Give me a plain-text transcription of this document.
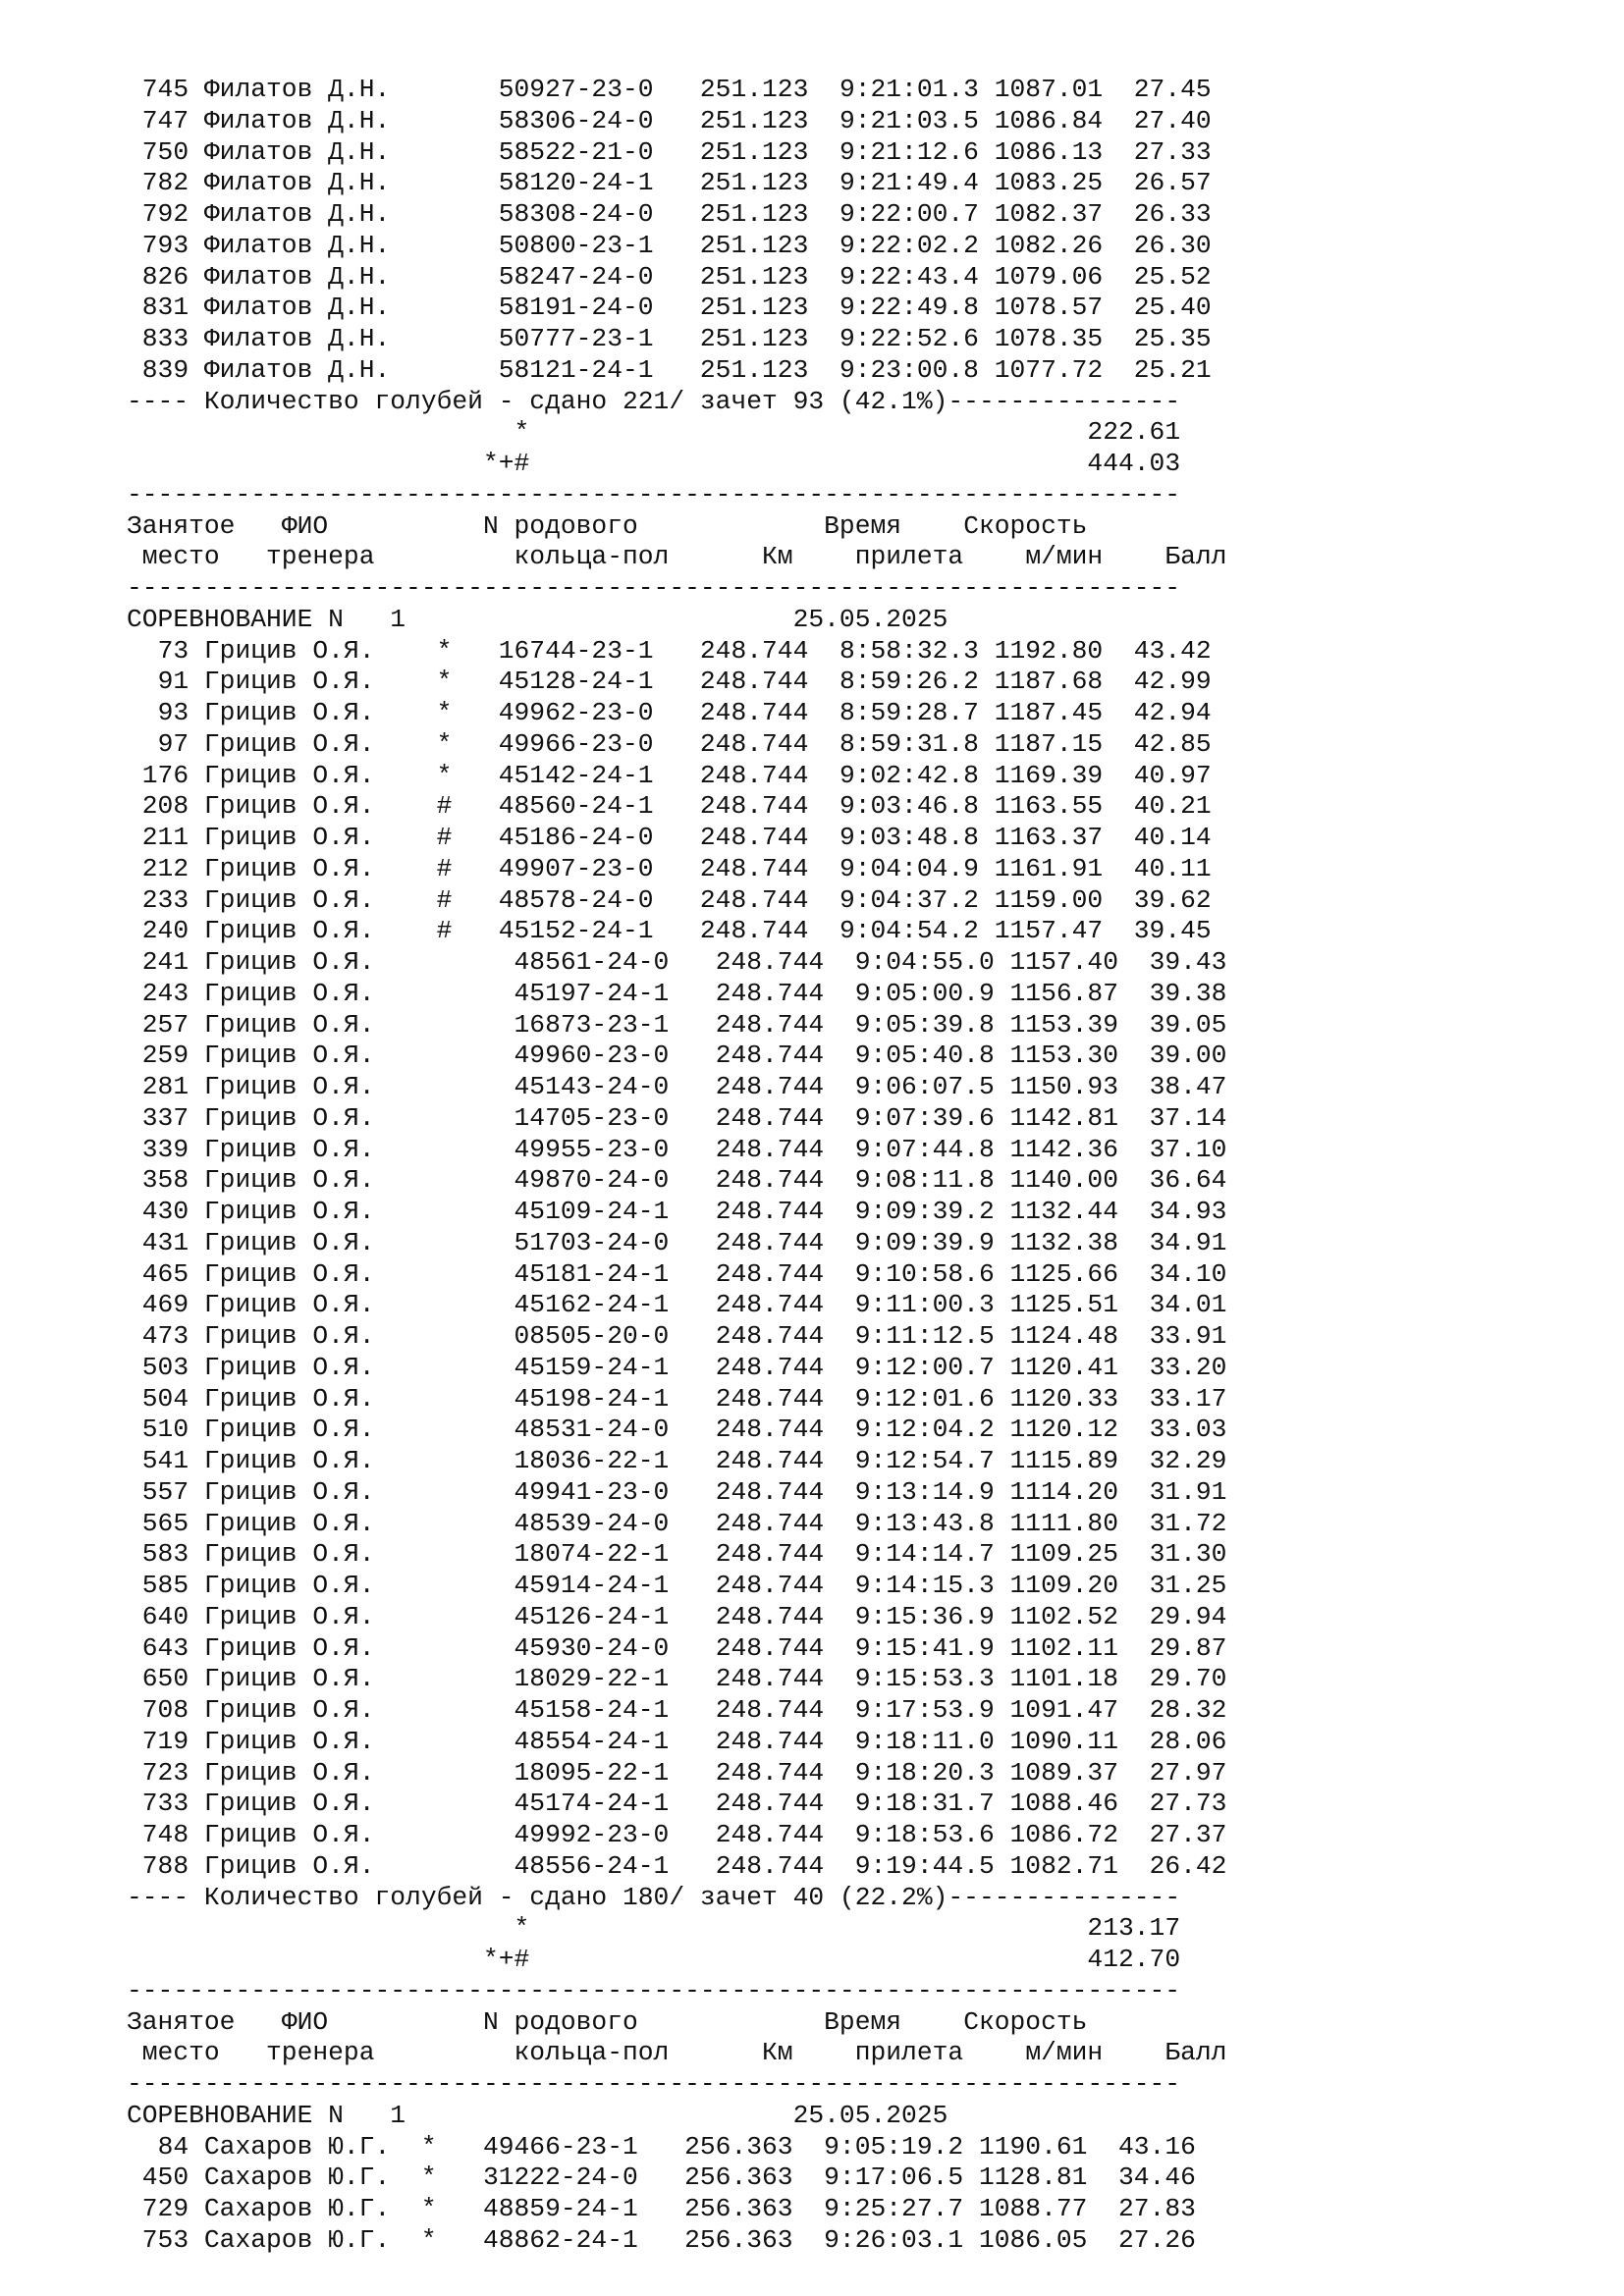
745 Филатов Д.Н.	50927-23-0 251.123 9:21:01.3 1087.01 27.45
747 Филатов Д.Н.	58306-24-0 251.123 9:21:03.5 1086.84 27.40
750 Филатов Д.Н.	58522-21-0 251.123 9:21:12.6 1086.13 27.33
782 Филатов Д.Н.	58120-24-1 251.123 9:21:49.4 1083.25 26.57
792 Филатов Д.Н.	58308-24-0 251.123 9:22:00.7 1082.37 26.33
793 Филатов Д.Н.	50800-23-1 251.123 9:22:02.2 1082.26 26.30
826 Филатов Д.Н.	58247-24-0 251.123 9:22:43.4 1079.06 25.52
831 Филатов Д.Н.	58191-24-0 251.123 9:22:49.8 1078.57 25.40
833 Филатов Д.Н.	50777-23-1 251.123 9:22:52.6 1078.35 25.35
839 Филатов Д.Н.	58121-24-1 251.123 9:23:00.8 1077.72 25.21
---- Количество голубей - сдано 221/ зачет 93 (42.1%)---------------
*	222.61
*+#	444.03
--------------------------------------------------------------------
Занятое ФИО	N родового	Время Скорость
место тренера	кольца-пол	Км прилета м/мин Балл
--------------------------------------------------------------------
СОРЕВНОВАНИЕ N   1	25.05.2025
73 Грицив О.Я.    * 16744-23-1 248.744 8:58:32.3 1192.80 43.42
91 Грицив О.Я.    * 45128-24-1 248.744 8:59:26.2 1187.68 42.99
93 Грицив О.Я.    * 49962-23-0 248.744 8:59:28.7 1187.45 42.94
97 Грицив О.Я.    * 49966-23-0 248.744 8:59:31.8 1187.15 42.85
176 Грицив О.Я.    * 45142-24-1 248.744 9:02:42.8 1169.39 40.97
208 Грицив О.Я.    # 48560-24-1 248.744 9:03:46.8 1163.55 40.21
211 Грицив О.Я.    # 45186-24-0 248.744 9:03:48.8 1163.37 40.14
212 Грицив О.Я.    # 49907-23-0 248.744 9:04:04.9 1161.91 40.11
233 Грицив О.Я.    # 48578-24-0 248.744 9:04:37.2 1159.00 39.62
240 Грицив О.Я.    # 45152-24-1 248.744 9:04:54.2 1157.47 39.45
241 Грицив О.Я.	48561-24-0 248.744 9:04:55.0 1157.40 39.43
243 Грицив О.Я.	45197-24-1 248.744 9:05:00.9 1156.87 39.38
257 Грицив О.Я.	16873-23-1 248.744 9:05:39.8 1153.39 39.05
259 Грицив О.Я.	49960-23-0 248.744 9:05:40.8 1153.30 39.00
281 Грицив О.Я.	45143-24-0 248.744 9:06:07.5 1150.93 38.47
337 Грицив О.Я.	14705-23-0 248.744 9:07:39.6 1142.81 37.14
339 Грицив О.Я.	49955-23-0 248.744 9:07:44.8 1142.36 37.10
358 Грицив О.Я.	49870-24-0 248.744 9:08:11.8 1140.00 36.64
430 Грицив О.Я.	45109-24-1 248.744 9:09:39.2 1132.44 34.93
431 Грицив О.Я.	51703-24-0 248.744 9:09:39.9 1132.38 34.91
465 Грицив О.Я.	45181-24-1 248.744 9:10:58.6 1125.66 34.10
469 Грицив О.Я.	45162-24-1 248.744 9:11:00.3 1125.51 34.01
473 Грицив О.Я.	08505-20-0 248.744 9:11:12.5 1124.48 33.91
503 Грицив О.Я.	45159-24-1 248.744 9:12:00.7 1120.41 33.20
504 Грицив О.Я.	45198-24-1 248.744 9:12:01.6 1120.33 33.17
510 Грицив О.Я.	48531-24-0 248.744 9:12:04.2 1120.12 33.03
541 Грицив О.Я.	18036-22-1 248.744 9:12:54.7 1115.89 32.29
557 Грицив О.Я.	49941-23-0 248.744 9:13:14.9 1114.20 31.91
565 Грицив О.Я.	48539-24-0 248.744 9:13:43.8 1111.80 31.72
583 Грицив О.Я.	18074-22-1 248.744 9:14:14.7 1109.25 31.30
585 Грицив О.Я.	45914-24-1 248.744 9:14:15.3 1109.20 31.25
640 Грицив О.Я.	45126-24-1 248.744 9:15:36.9 1102.52 29.94
643 Грицив О.Я.	45930-24-0 248.744 9:15:41.9 1102.11 29.87
650 Грицив О.Я.	18029-22-1 248.744 9:15:53.3 1101.18 29.70
708 Грицив О.Я.	45158-24-1 248.744 9:17:53.9 1091.47 28.32
719 Грицив О.Я.	48554-24-1 248.744 9:18:11.0 1090.11 28.06
723 Грицив О.Я.	18095-22-1 248.744 9:18:20.3 1089.37 27.97
733 Грицив О.Я.	45174-24-1 248.744 9:18:31.7 1088.46 27.73
748 Грицив О.Я.	49992-23-0 248.744 9:18:53.6 1086.72 27.37
788 Грицив О.Я.	48556-24-1 248.744 9:19:44.5 1082.71 26.42
---- Количество голубей - сдано 180/ зачет 40 (22.2%)---------------
*	213.17
*+#	412.70
--------------------------------------------------------------------
Занятое ФИО	N родового	Время Скорость
место тренера	кольца-пол	Км прилета м/мин Балл
--------------------------------------------------------------------
СОРЕВНОВАНИЕ N   1	25.05.2025
84 Сахаров Ю.Г.  * 49466-23-1 256.363 9:05:19.2 1190.61 43.16
450 Сахаров Ю.Г.  * 31222-24-0 256.363 9:17:06.5 1128.81 34.46
729 Сахаров Ю.Г.  * 48859-24-1 256.363 9:25:27.7 1088.77 27.83
753 Сахаров Ю.Г.  * 48862-24-1 256.363 9:26:03.1 1086.05 27.26
